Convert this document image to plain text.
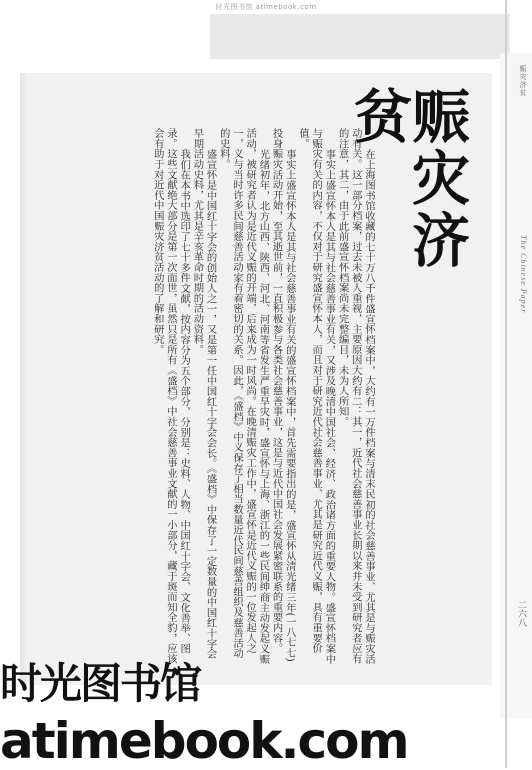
时光图书馆 atimebook.com
赈灾济贫
The Chinese Paper
二六八
赈灾济贫

在上海图书馆收藏的七十万八千件盛宣怀档案中，大约有一万件档案与清末民初的社会慈善事业、尤其是与赈灾活动有关。这一部分档案，过去未被人重视，主要原因大约有二：其一，近代社会慈善事业长期以来并未受到研究者应有的注意，其二，由于此前盛宣怀档案尚未完整编目，未为人所知。

事实上盛宣怀本人是其与社会慈善事业有关，又涉及晚清中国社会、经济、政治诸方面的重要人物。盛宣怀档案中与赈灾有关的内容，不仅对于研究盛宣怀本人，而且对于研究近代社会慈善事业、尤其是研究近代义赈，具有重要价值。

事实上盛宣怀本人是其与社会慈善事业有关的盛宣怀档案中，首先需要指出的是，盛宣怀从清光绪三年(一八七七)投身赈灾活动开始，至其逝世前，一直积极参与各类社会慈善事业，这是与近代中国社会发展紧密联系的重要内容。

光绪初年，北方山西、陕西、河北、河南等省发生严重旱灾时，盛宣怀与上海、浙江的一些民间绅商主动发起义赈活动，被研究者认为是近代义赈的开端，后来成为一时风尚。在晚清赈灾工作中，盛宣怀是近代义赈的一位发起人之一，义与当时许多民间慈善活动家有着密切的关系。因此，《盛档》中义保存了相当数量近代民间慈善组织及慈善活动的史料。

盛宣怀是中国红十字会的创始人之一，又是第一任中国红十字会会长。《盛档》中保存了一定数量的中国红十字会早期活动史料，尤其是辛亥革命时期的活动资料。

我们在本书中选印了七十多件文献，按内容分为五个部分，分别是：史料、人物、中国红十字会、文化善举、图录。这些文献绝大部分是第一次面世，虽然只是所有《盛档》中社会慈善事业文献的一小部分，藏于斑而知全豹，应该会有助于对近代中国赈灾济贫活动的了解和研究。

时光图书馆
atimebook.com
